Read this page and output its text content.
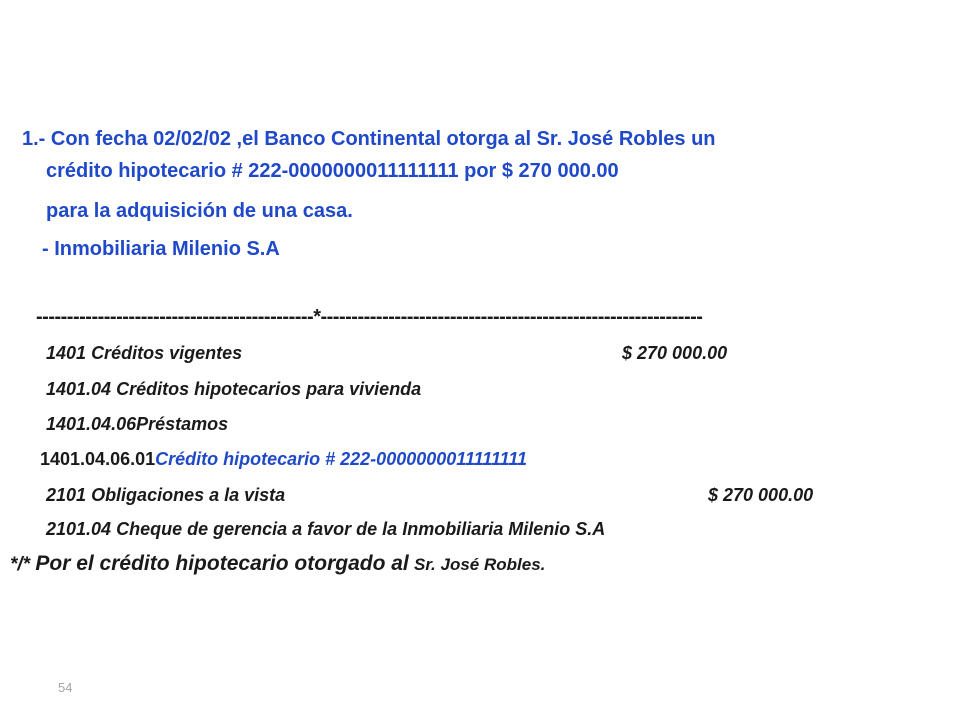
1.- Con fecha 02/02/02 ,el Banco Continental otorga al Sr. José Robles un
crédito hipotecario # 222-0000000011111111 por $ 270 000.00
para la adquisición de una casa.
- Inmobiliaria Milenio S.A
---------------------------------------------*--------------------------------------------------------------
1401 Créditos vigentes	$ 270 000.00
1401.04 Créditos hipotecarios para vivienda
1401.04.06Préstamos
1401.04.06.01Crédito hipotecario # 222-0000000011111111
2101 Obligaciones a la vista	$ 270 000.00
2101.04 Cheque de gerencia a favor de la Inmobiliaria Milenio S.A
*/* Por el crédito hipotecario otorgado al Sr. José Robles.
54
